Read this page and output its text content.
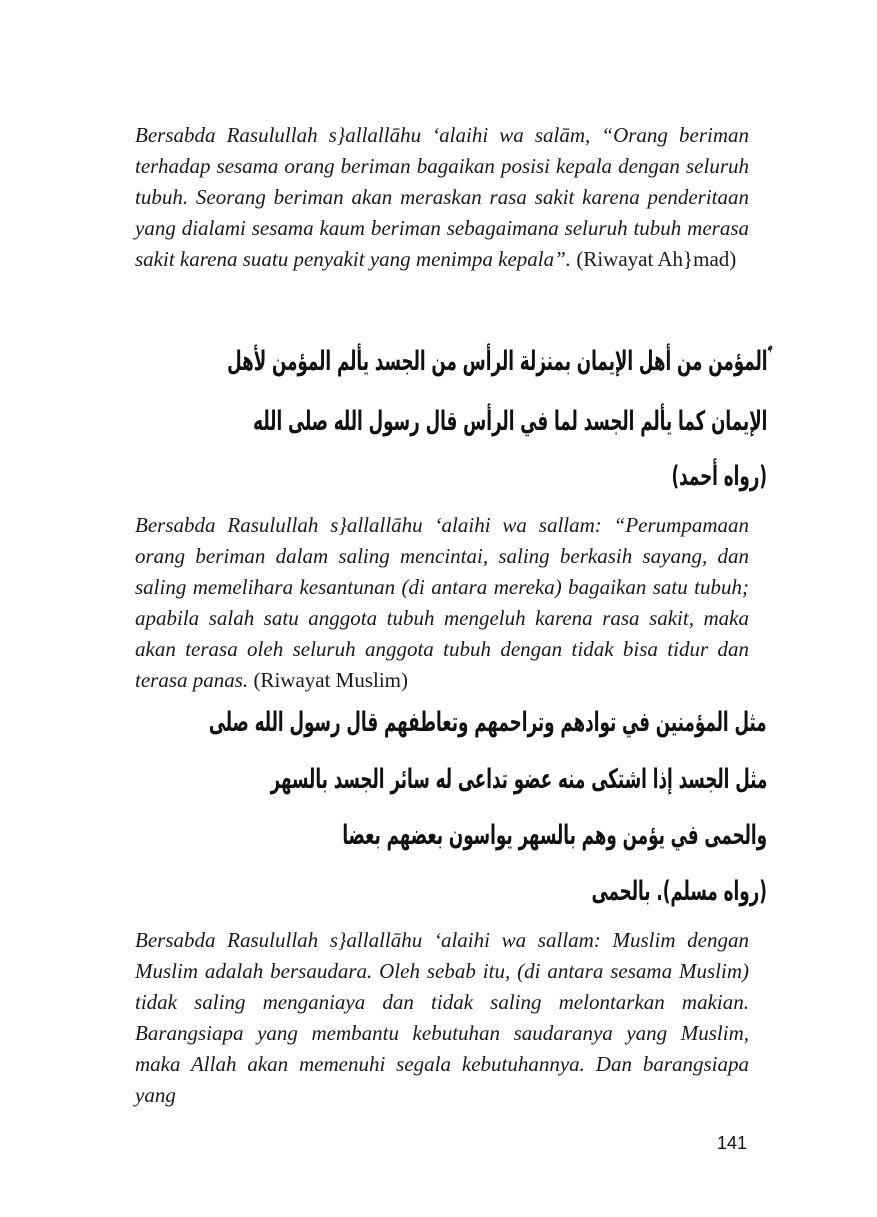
Bersabda Rasulullah s}allallāhu ‘alaihi wa salām, “Orang beriman terhadap sesama orang beriman bagaikan posisi kepala dengan seluruh tubuh. Seorang beriman akan meraskan rasa sakit karena penderitaan yang dialami sesama kaum beriman sebagaimana seluruh tubuh merasa sakit karena suatu penyakit yang menimpa kepala”. (Riwayat Ah}mad)

ٰؐاﻟﻤﺆﻣﻦ ﻣﻦ أﻫﻞ اﻹﻳﻤﺎن ﺑﻤﻨﺰﻟﺔ اﻟﺮأس ﻣﻦ اﻟﺠﺴﺪ ﻳﺄﻟﻢ اﻟﻤﺆﻣﻦ ﻷﻫﻞ
اﻹﻳﻤﺎن ﻛﻤﺎ ﻳﺄﻟﻢ اﻟﺠﺴﺪ ﻟﻤﺎ ﻓﻲ اﻟﺮأس ﻗﺎل رﺳﻮل اﻟﻠﻪ ﺻﻠﻰ اﻟﻠﻪ
(رواه أﺣﻤﺪ)

Bersabda Rasulullah s}allallāhu ‘alaihi wa sallam: “Perumpamaan orang beriman dalam saling mencintai, saling berkasih sayang, dan saling memelihara kesantunan (di antara mereka) bagaikan satu tubuh; apabila salah satu anggota tubuh mengeluh karena rasa sakit, maka akan terasa oleh seluruh anggota tubuh dengan tidak bisa tidur dan terasa panas. (Riwayat Muslim)

ﻣﺜﻞ اﻟﻤﺆﻣﻨﻴﻦ ﻓﻲ ﺗﻮادﻫﻢ وﺗﺮاﺣﻤﻬﻢ وﺗﻌﺎﻃﻔﻬﻢ ﻗﺎل رﺳﻮل اﻟﻠﻪ ﺻﻠﻰ
ﻣﺜﻞ اﻟﺠﺴﺪ إذا اﺷﺘﻜﻰ ﻣﻨﻪ ﻋﻀﻮ ﺗﺪاﻋﻰ ﻟﻪ ﺳﺎﺋﺮ اﻟﺠﺴﺪ ﺑﺎﻟﺴﻬﺮ
واﻟﺤﻤﻰ ﻓﻲ ﻳﺆﻣﻦ وﻫﻢ ﺑﺎﻟﺴﻬﺮ ﻳﻮاﺳﻮن ﺑﻌﻀﻬﻢ ﺑﻌﻀﺎ
(رواه ﻣﺴﻠﻢ). ﺑﺎﻟﺤﻤﻰ

Bersabda Rasulullah s}allallāhu ‘alaihi wa sallam: Muslim dengan Muslim adalah bersaudara. Oleh sebab itu, (di antara sesama Muslim) tidak saling menganiaya dan tidak saling melontarkan makian. Barangsiapa yang membantu kebutuhan saudaranya yang Muslim, maka Allah akan memenuhi segala kebutuhannya. Dan barangsiapa yang

141
